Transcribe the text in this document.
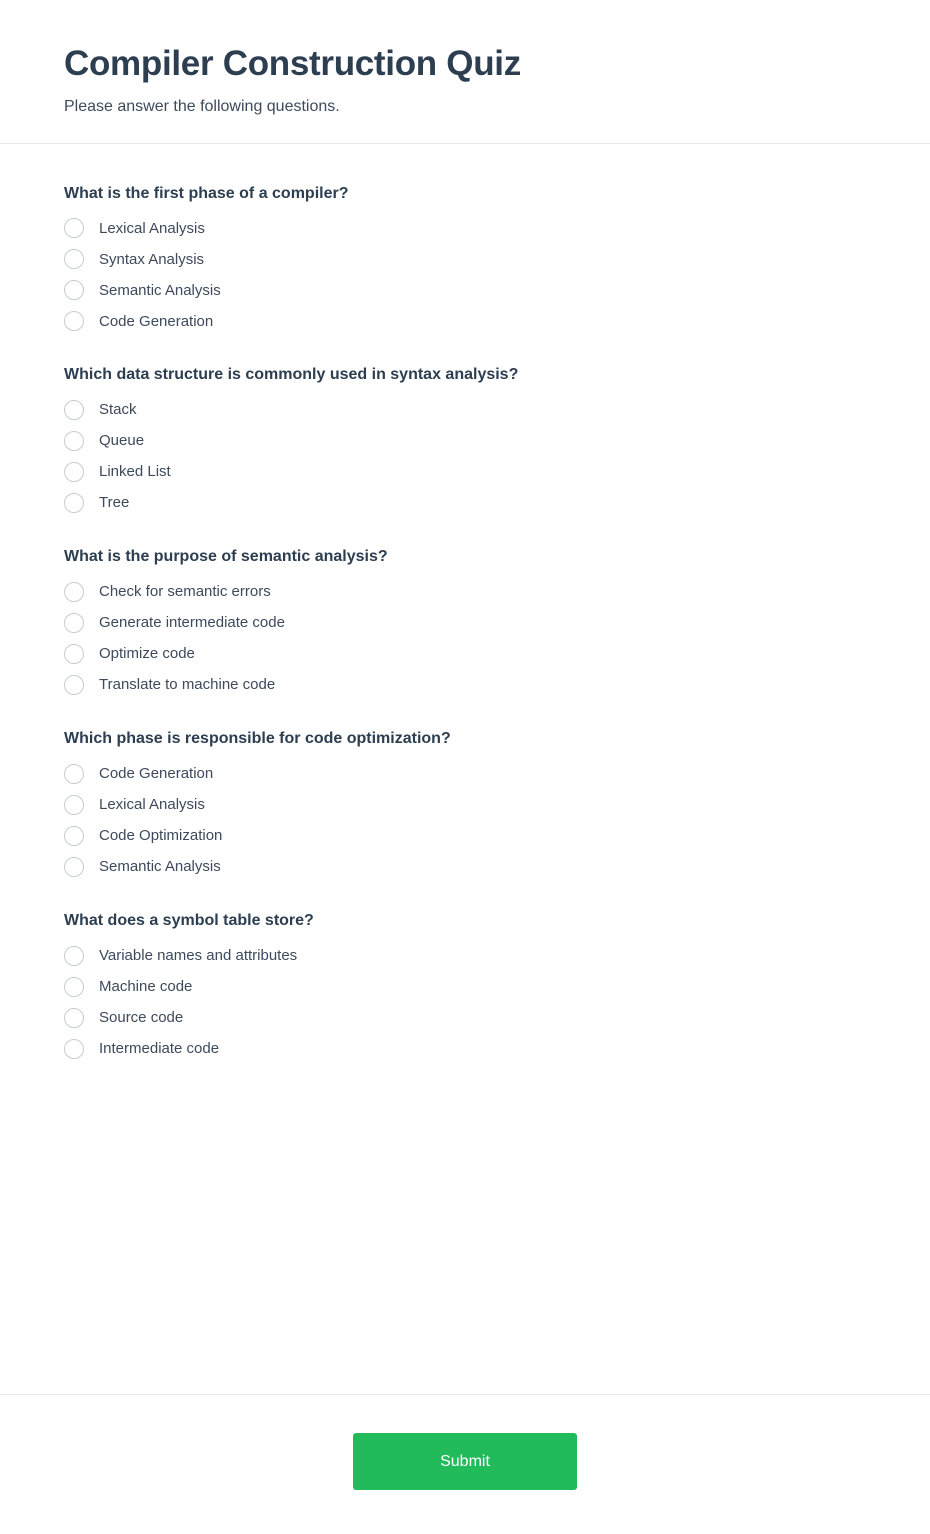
Compiler Construction Quiz

Please answer the following questions.

What is the first phase of a compiler?
Lexical Analysis
Syntax Analysis
Semantic Analysis
Code Generation
Which data structure is commonly used in syntax analysis?
Stack
Queue
Linked List
Tree
What is the purpose of semantic analysis?
Check for semantic errors
Generate intermediate code
Optimize code
Translate to machine code
Which phase is responsible for code optimization?
Code Generation
Lexical Analysis
Code Optimization
Semantic Analysis
What does a symbol table store?
Variable names and attributes
Machine code
Source code
Intermediate code
Submit
